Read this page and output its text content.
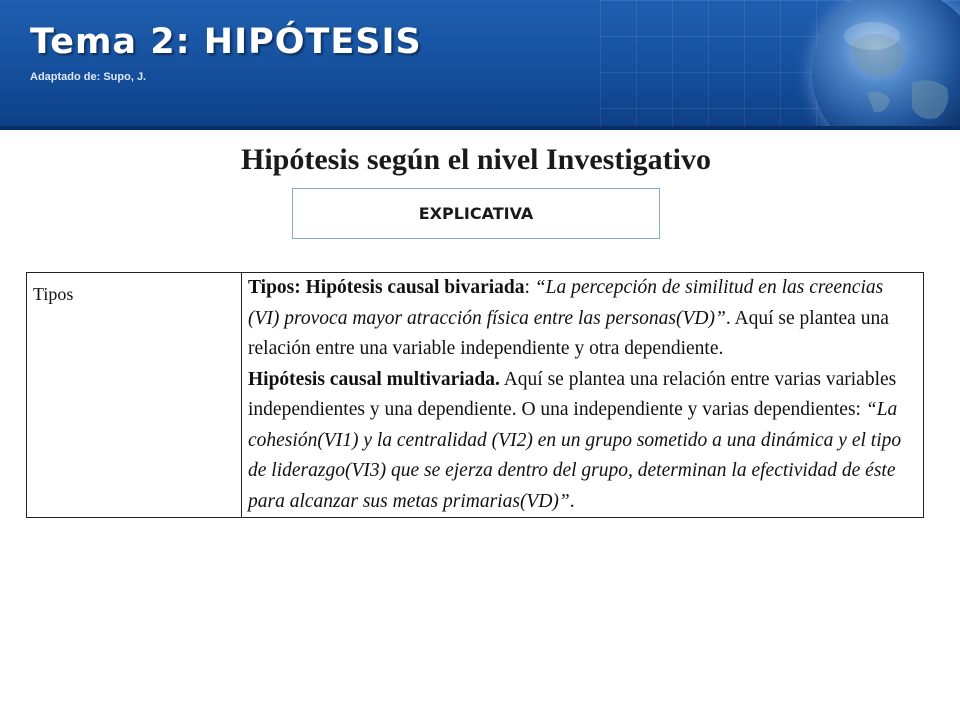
Tema 2: HIPÓTESIS
Adaptado de: Supo, J.
Hipótesis según el nivel Investigativo
EXPLICATIVA
Tipos	Tipos: Hipótesis causal bivariada: “La percepción de similitud en las creencias (VI) provoca mayor atracción física entre las personas(VD)”. Aquí se plantea una relación entre una variable independiente y otra dependiente.
Hipótesis causal multivariada. Aquí se plantea una relación entre varias variables independientes y una dependiente. O una independiente y varias dependientes: “La cohesión(VI1) y la centralidad (VI2) en un grupo sometido a una dinámica y el tipo de liderazgo(VI3) que se ejerza dentro del grupo, determinan la efectividad de éste para alcanzar sus metas primarias(VD)”.
